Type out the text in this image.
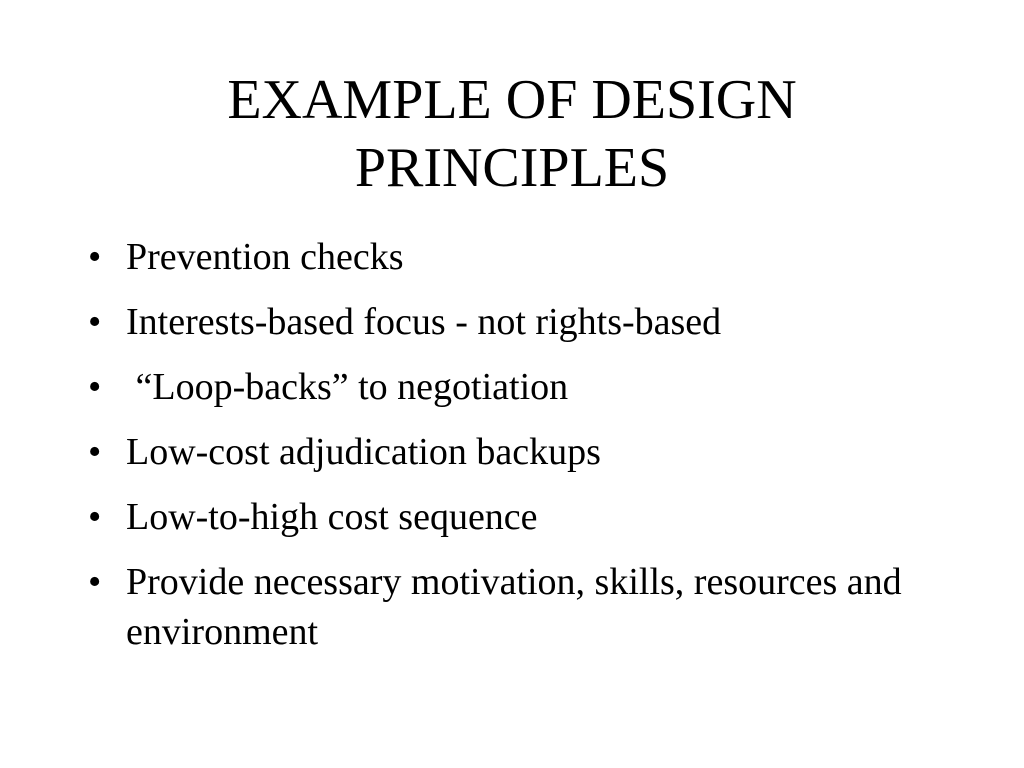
EXAMPLE OF DESIGN
PRINCIPLES
• Prevention checks
• Interests-based focus - not rights-based
• “Loop-backs” to negotiation
• Low-cost adjudication backups
• Low-to-high cost sequence
• Provide necessary motivation, skills, resources and environment
